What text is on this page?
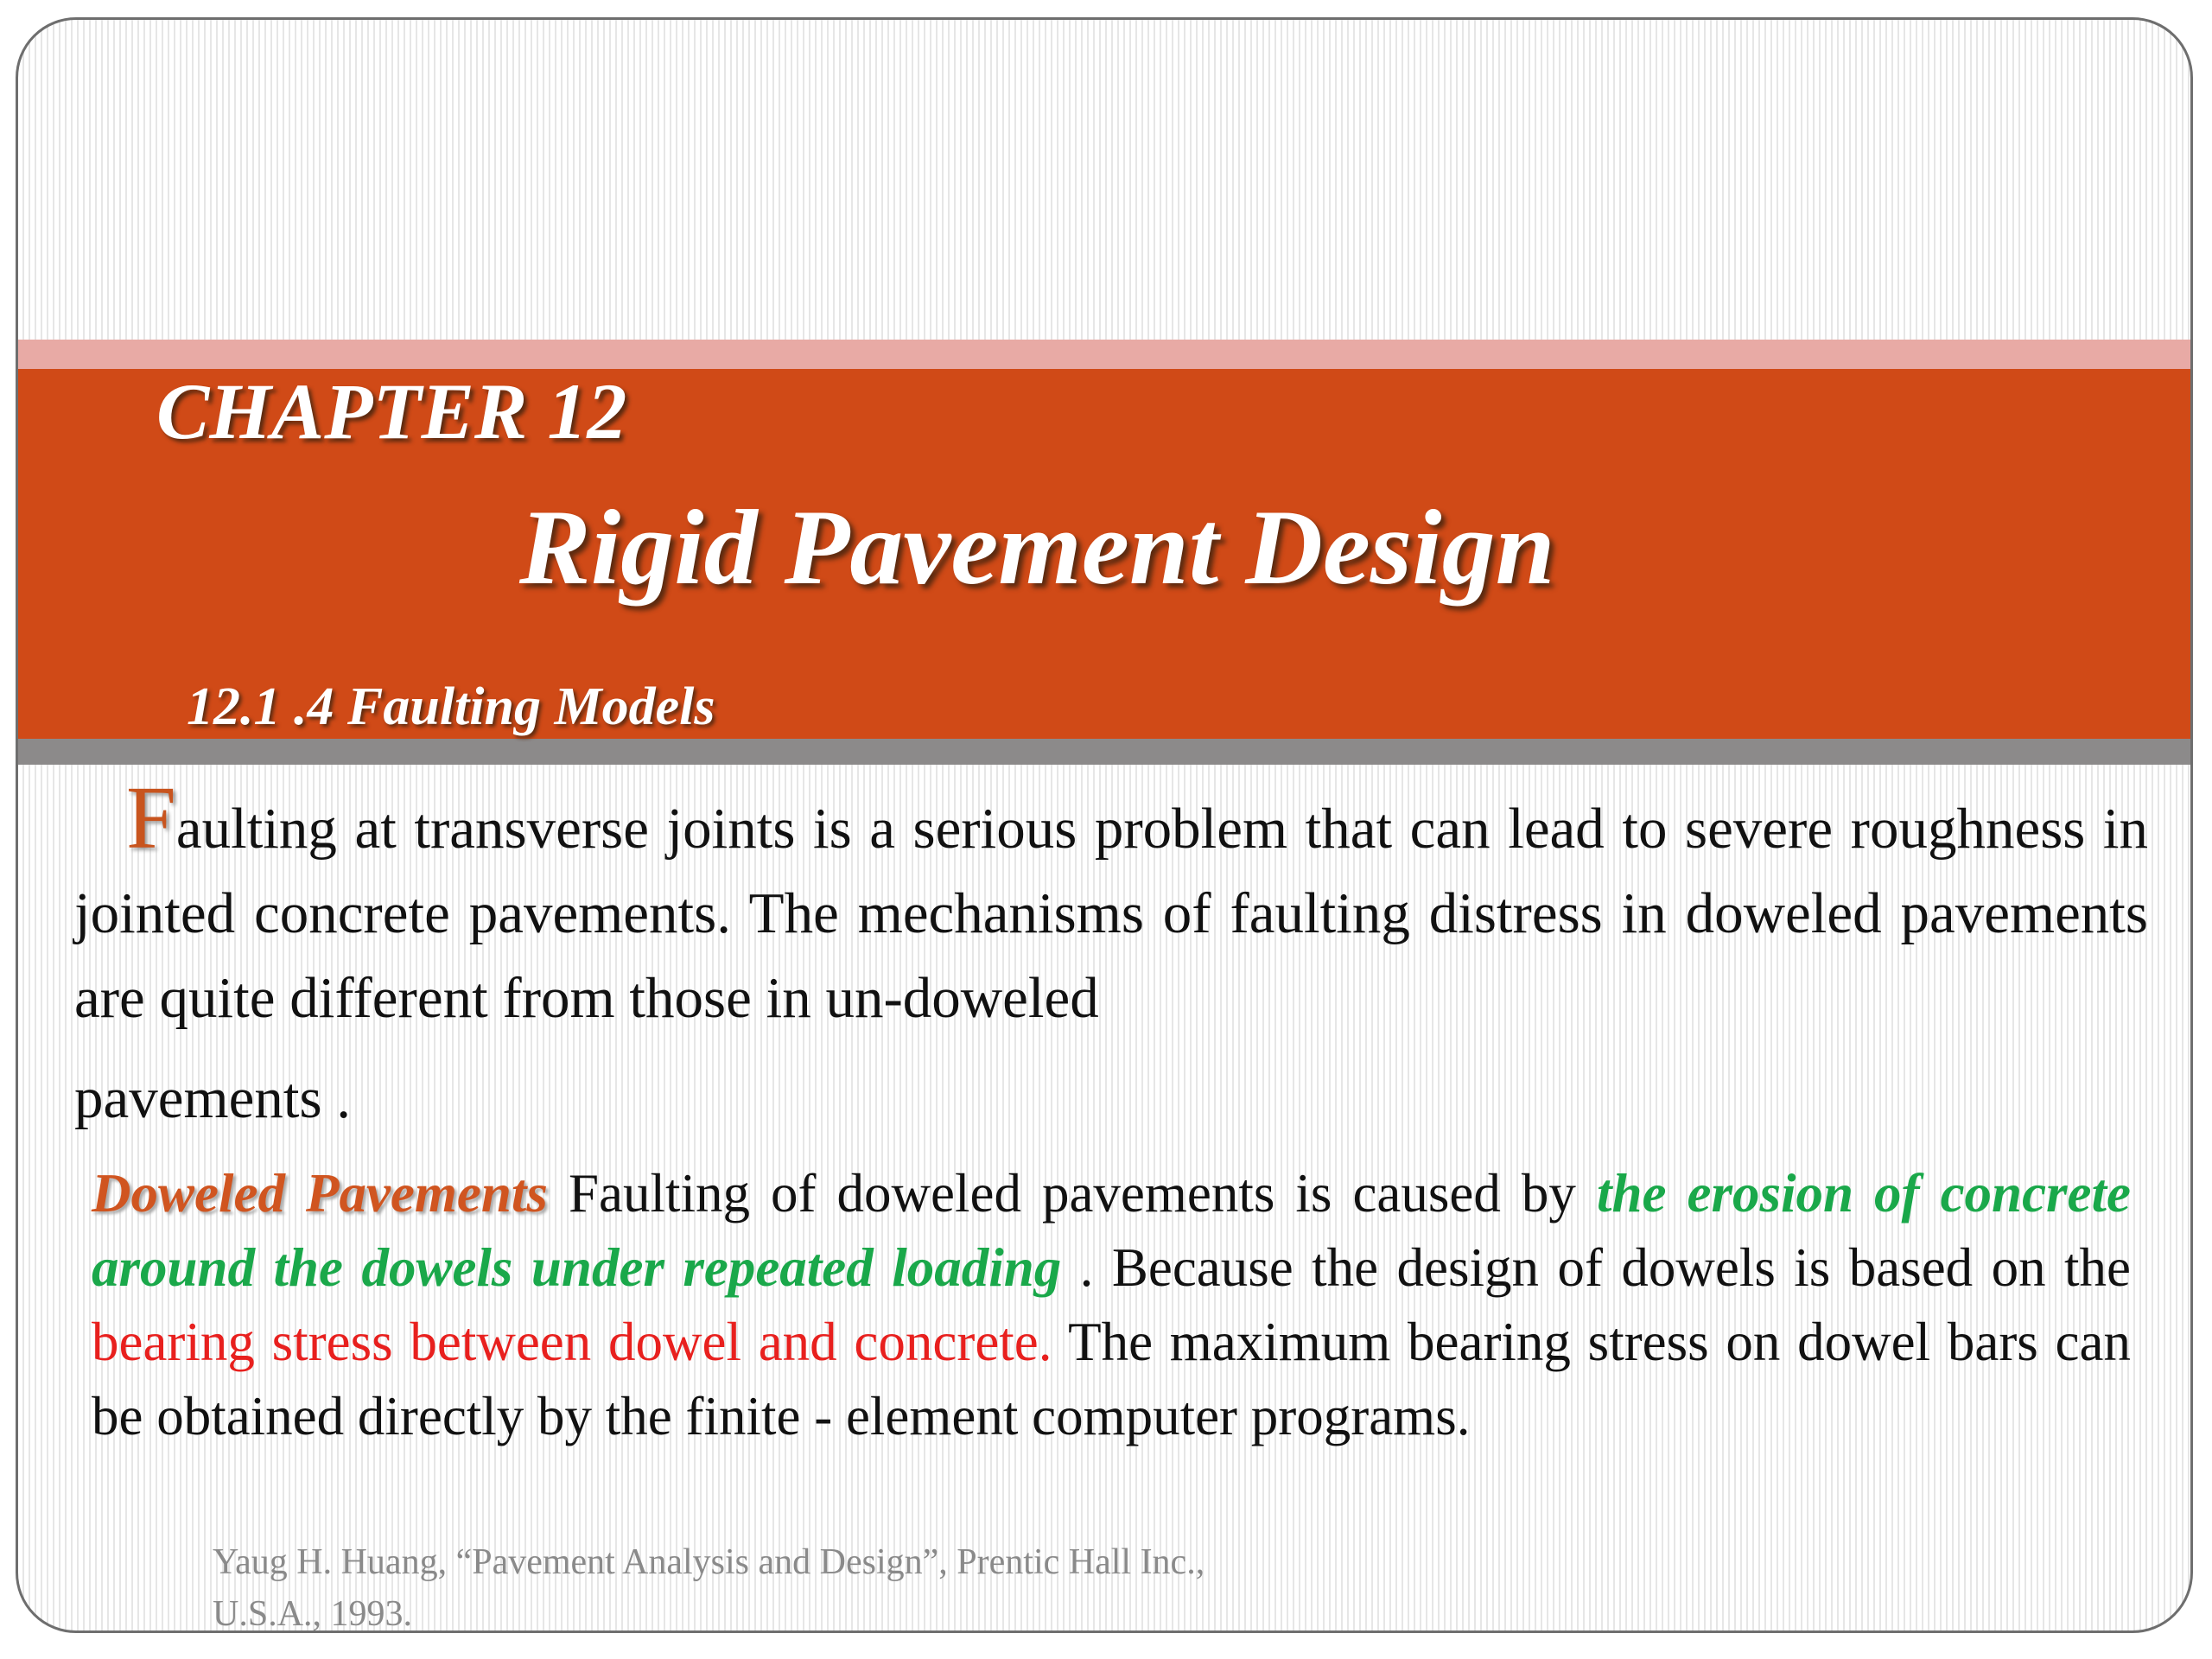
CHAPTER 12
Rigid Pavement Design
12.1 .4 Faulting Models

Faulting at transverse joints is a serious problem that can lead to severe roughness in jointed concrete pavements. The mechanisms of faulting distress in doweled pavements are quite different from those in un-doweled

pavements .

Doweled Pavements Faulting of doweled pavements is caused by the erosion of concrete around the dowels under repeated loading . Because the design of dowels is based on the bearing stress between dowel and concrete. The maximum bearing stress on dowel bars can be obtained directly by the finite - element computer programs.

Yaug H. Huang, “Pavement Analysis and Design”, Prentic Hall Inc.,
U.S.A., 1993.
